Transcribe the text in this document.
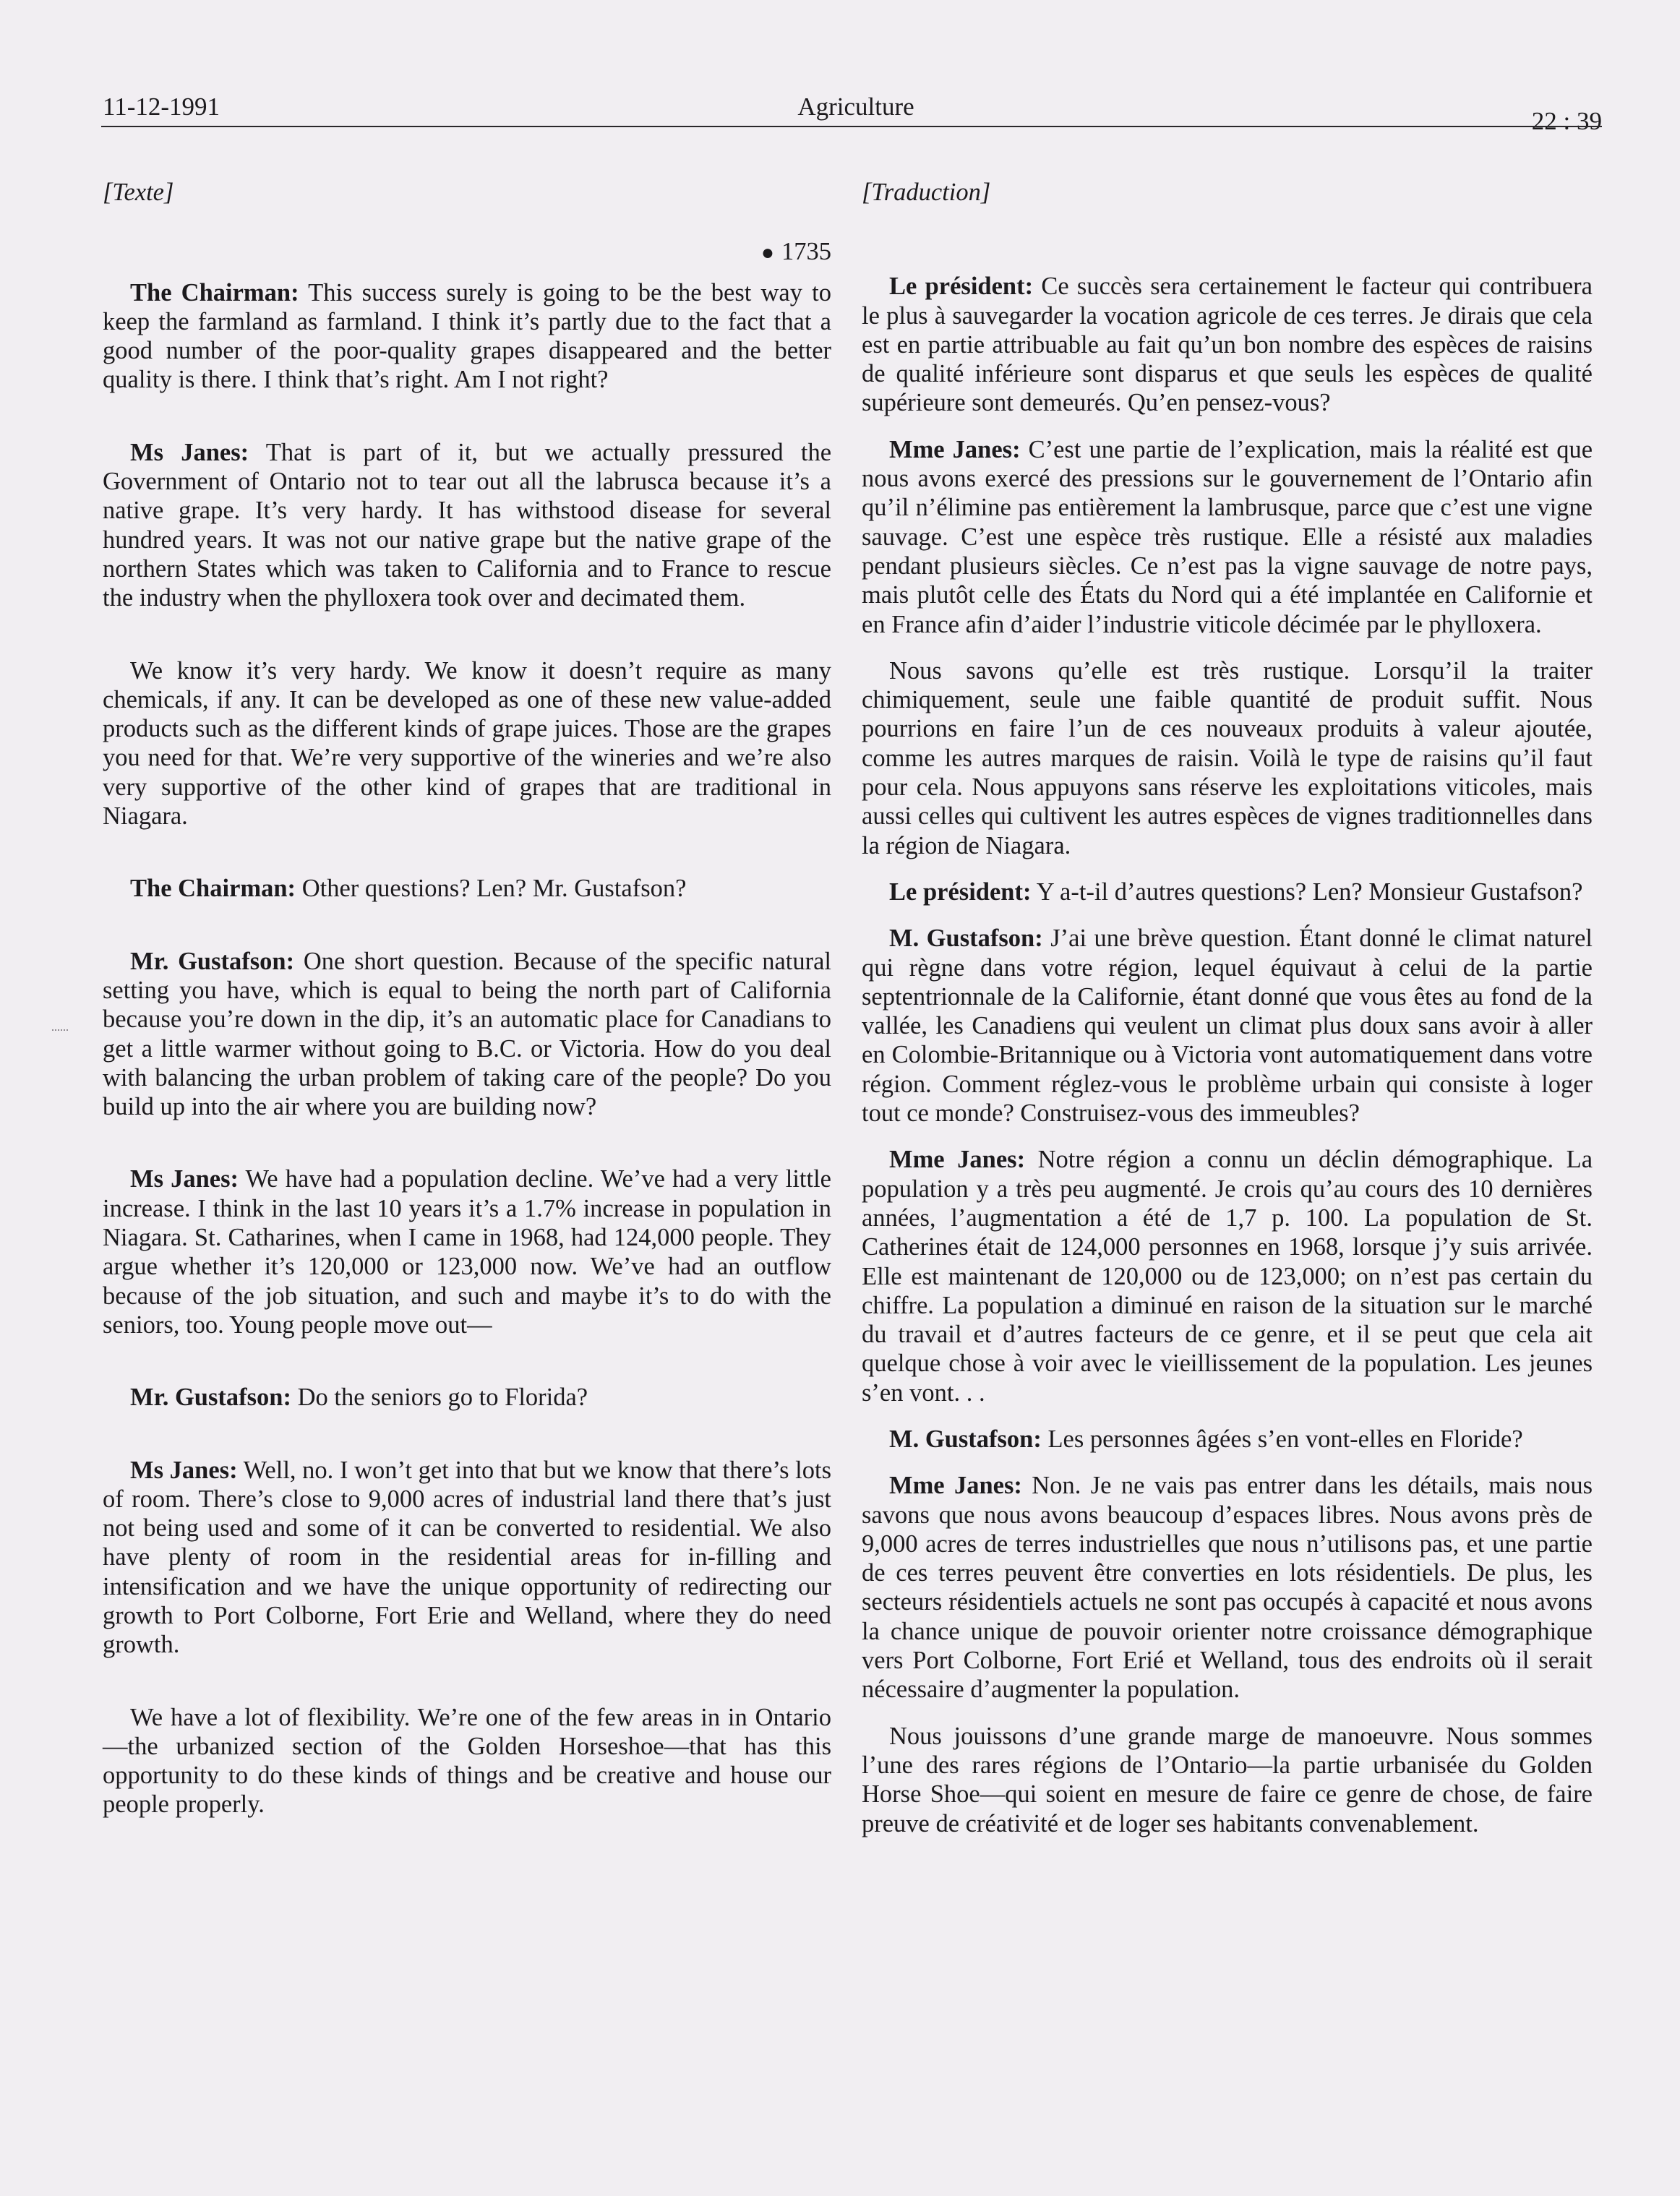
11-12-1991	Agriculture
22 : 39
[Texte]
● 1735

The Chairman: This success surely is going to be the best way to keep the farmland as farmland. I think it’s partly due to the fact that a good number of the poor-quality grapes disappeared and the better quality is there. I think that’s right. Am I not right?

Ms Janes: That is part of it, but we actually pressured the Government of Ontario not to tear out all the labrusca because it’s a native grape. It’s very hardy. It has withstood disease for several hundred years. It was not our native grape but the native grape of the northern States which was taken to California and to France to rescue the industry when the phylloxera took over and decimated them.

We know it’s very hardy. We know it doesn’t require as many chemicals, if any. It can be developed as one of these new value-added products such as the different kinds of grape juices. Those are the grapes you need for that. We’re very supportive of the wineries and we’re also very supportive of the other kind of grapes that are traditional in Niagara.

The Chairman: Other questions? Len? Mr. Gustafson?

Mr. Gustafson: One short question. Because of the specific natural setting you have, which is equal to being the north part of California because you’re down in the dip, it’s an automatic place for Canadians to get a little warmer without going to B.C. or Victoria. How do you deal with balancing the urban problem of taking care of the people? Do you build up into the air where you are building now?

Ms Janes: We have had a population decline. We’ve had a very little increase. I think in the last 10 years it’s a 1.7% increase in population in Niagara. St. Catharines, when I came in 1968, had 124,000 people. They argue whether it’s 120,000 or 123,000 now. We’ve had an outflow because of the job situation, and such and maybe it’s to do with the seniors, too. Young people move out—

Mr. Gustafson: Do the seniors go to Florida?

Ms Janes: Well, no. I won’t get into that but we know that there’s lots of room. There’s close to 9,000 acres of industrial land there that’s just not being used and some of it can be converted to residential. We also have plenty of room in the residential areas for in-filling and intensification and we have the unique opportunity of redirecting our growth to Port Colborne, Fort Erie and Welland, where they do need growth.

We have a lot of flexibility. We’re one of the few areas in in Ontario—the urbanized section of the Golden Horseshoe—that has this opportunity to do these kinds of things and be creative and house our people properly.

[Traduction]

Le président: Ce succès sera certainement le facteur qui contribuera le plus à sauvegarder la vocation agricole de ces terres. Je dirais que cela est en partie attribuable au fait qu’un bon nombre des espèces de raisins de qualité inférieure sont disparus et que seuls les espèces de qualité supérieure sont demeurés. Qu’en pensez-vous?

Mme Janes: C’est une partie de l’explication, mais la réalité est que nous avons exercé des pressions sur le gouvernement de l’Ontario afin qu’il n’élimine pas entièrement la lambrusque, parce que c’est une vigne sauvage. C’est une espèce très rustique. Elle a résisté aux maladies pendant plusieurs siècles. Ce n’est pas la vigne sauvage de notre pays, mais plutôt celle des États du Nord qui a été implantée en Californie et en France afin d’aider l’industrie viticole décimée par le phylloxera.

Nous savons qu’elle est très rustique. Lorsqu’il la traiter chimiquement, seule une faible quantité de produit suffit. Nous pourrions en faire l’un de ces nouveaux produits à valeur ajoutée, comme les autres marques de raisin. Voilà le type de raisins qu’il faut pour cela. Nous appuyons sans réserve les exploitations viticoles, mais aussi celles qui cultivent les autres espèces de vignes traditionnelles dans la région de Niagara.

Le président: Y a-t-il d’autres questions? Len? Monsieur Gustafson?

M. Gustafson: J’ai une brève question. Étant donné le climat naturel qui règne dans votre région, lequel équivaut à celui de la partie septentrionnale de la Californie, étant donné que vous êtes au fond de la vallée, les Canadiens qui veulent un climat plus doux sans avoir à aller en Colombie-Britannique ou à Victoria vont automatiquement dans votre région. Comment réglez-vous le problème urbain qui consiste à loger tout ce monde? Construisez-vous des immeubles?

Mme Janes: Notre région a connu un déclin démographique. La population y a très peu augmenté. Je crois qu’au cours des 10 dernières années, l’augmentation a été de 1,7 p. 100. La population de St. Catherines était de 124,000 personnes en 1968, lorsque j’y suis arrivée. Elle est maintenant de 120,000 ou de 123,000; on n’est pas certain du chiffre. La population a diminué en raison de la situation sur le marché du travail et d’autres facteurs de ce genre, et il se peut que cela ait quelque chose à voir avec le vieillissement de la population. Les jeunes s’en vont. . .

M. Gustafson: Les personnes âgées s’en vont-elles en Floride?

Mme Janes: Non. Je ne vais pas entrer dans les détails, mais nous savons que nous avons beaucoup d’espaces libres. Nous avons près de 9,000 acres de terres industrielles que nous n’utilisons pas, et une partie de ces terres peuvent être converties en lots résidentiels. De plus, les secteurs résidentiels actuels ne sont pas occupés à capacité et nous avons la chance unique de pouvoir orienter notre croissance démographique vers Port Colborne, Fort Erié et Welland, tous des endroits où il serait nécessaire d’augmenter la population.

Nous jouissons d’une grande marge de manoeuvre. Nous sommes l’une des rares régions de l’Ontario—la partie urbanisée du Golden Horse Shoe—qui soient en mesure de faire ce genre de chose, de faire preuve de créativité et de loger ses habitants convenablement.
